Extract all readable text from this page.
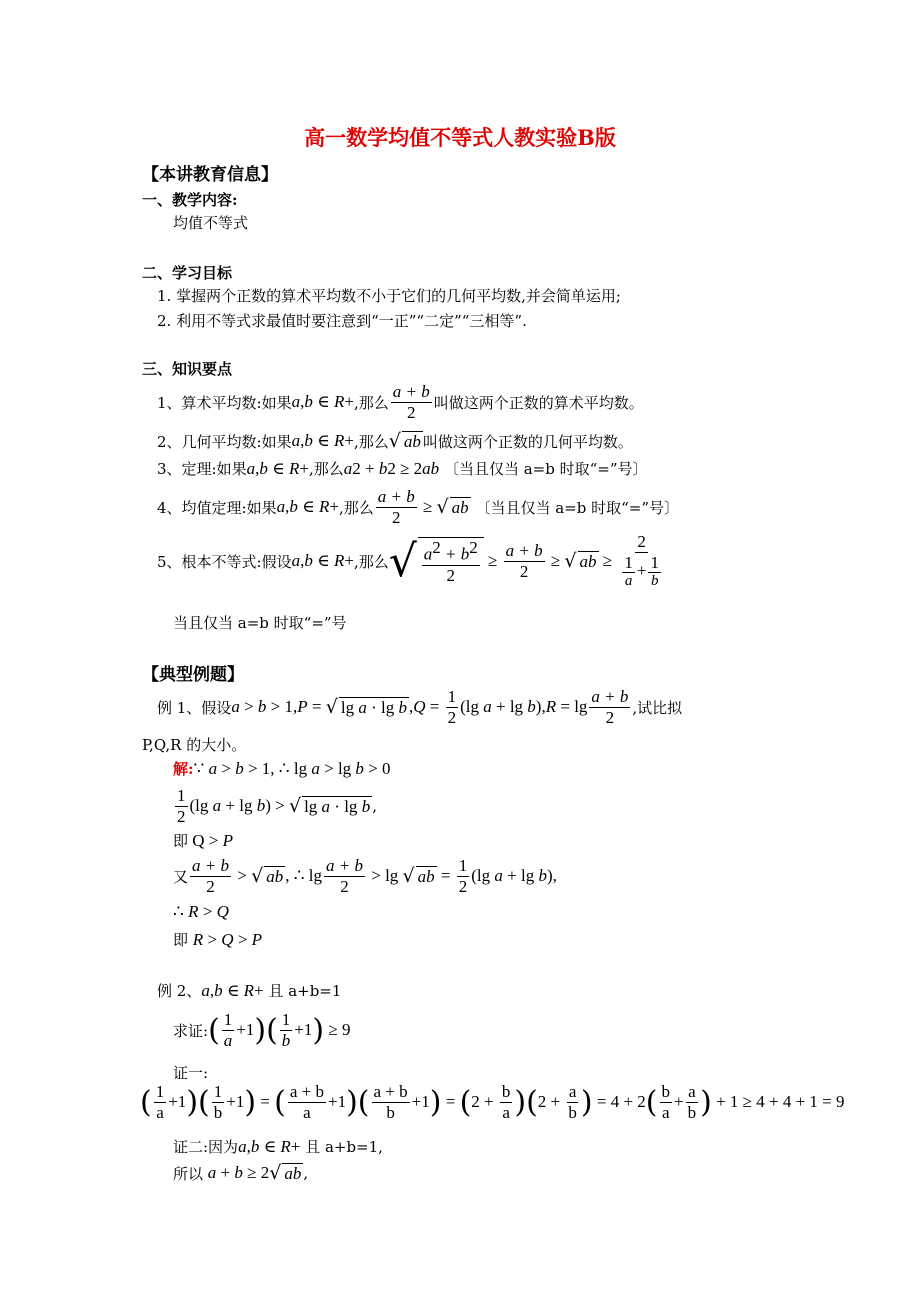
高一数学均值不等式人教实验B版
【本讲教育信息】
一、教学内容:
均值不等式
二、学习目标
1. 掌握两个正数的算术平均数不小于它们的几何平均数,并会简单运用;
2. 利用不等式求最值时要注意到“一正”“二定”“三相等”.
三、知识要点
1、算术平均数:如果 a , b ∈ R + ,那么 $\frac{a + b}{2}$ 叫做这两个正数的算术平均数。
2、几何平均数:如果 a , b ∈ R + ,那么 √ ab 叫做这两个正数的几何平均数。
3、定理:如果 a , b ∈ R + ,那么 a 2 + b 2 ≥ 2 ab
〔当且仅当 a=b 时取“=”号〕
4、均值定理:如果 a , b ∈ R + ,那么 $\frac{a + b}{2}$ ≥ √ ab
〔当且仅当 a=b 时取“=”号〕
5、根本不等式:假设 a , b ∈ R + ,那么 √ $\frac{a^2 + b^2}{2} \ge \frac{a + b}{2}$ ≥ √ ab ≥ $\frac{2}{\frac{1}{a} + \frac{1}{b}}$
当且仅当 a=b 时取“=”号
【典型例题】
例 1、假设 a > b > 1, P = √ lg a · lg b , $Q = \frac{1}{2} (\lg$ a + lg b), $R = \lg \frac{a + b}{2}$ ,试比拟
P,Q,R 的大小。
解: ∵ a > b > 1, ∴ lg a > lg b > 0
$\frac{1}{2} (\lg$ a + lg b) > √ lg a · lg b ,
即 Q > P
又 $\frac{a + b}{2}$ > √ ab , ∴ $\lg \frac{a + b}{2} > \lg$ √ ab = $\frac{1}{2} (\lg$ a + lg b),
∴ R > Q
即
R > Q > P
例 2、 a , b ∈ R +
且 a+b=1
求证: ( $\frac{1}{a} +1$ )( $\frac{1}{b} +1$ ) ≥ 9
证一:
( $\frac{1}{a} +1$ )( $\frac{1}{b} +1$ ) = ( $\frac{a + b}{a} +1$ )( $\frac{a + b}{b} +1$ ) = ( $2 + \frac{b}{a}$ )( $2 + \frac{a}{b}$ ) = 4 + 2 ( $\frac{b}{a} + \frac{a}{b}$ ) + 1 ≥ 4 + 4 + 1 = 9
证二:因为 a , b ∈ R +
且 a+b=1,
所以
a + b ≥ 2 √ ab ,
